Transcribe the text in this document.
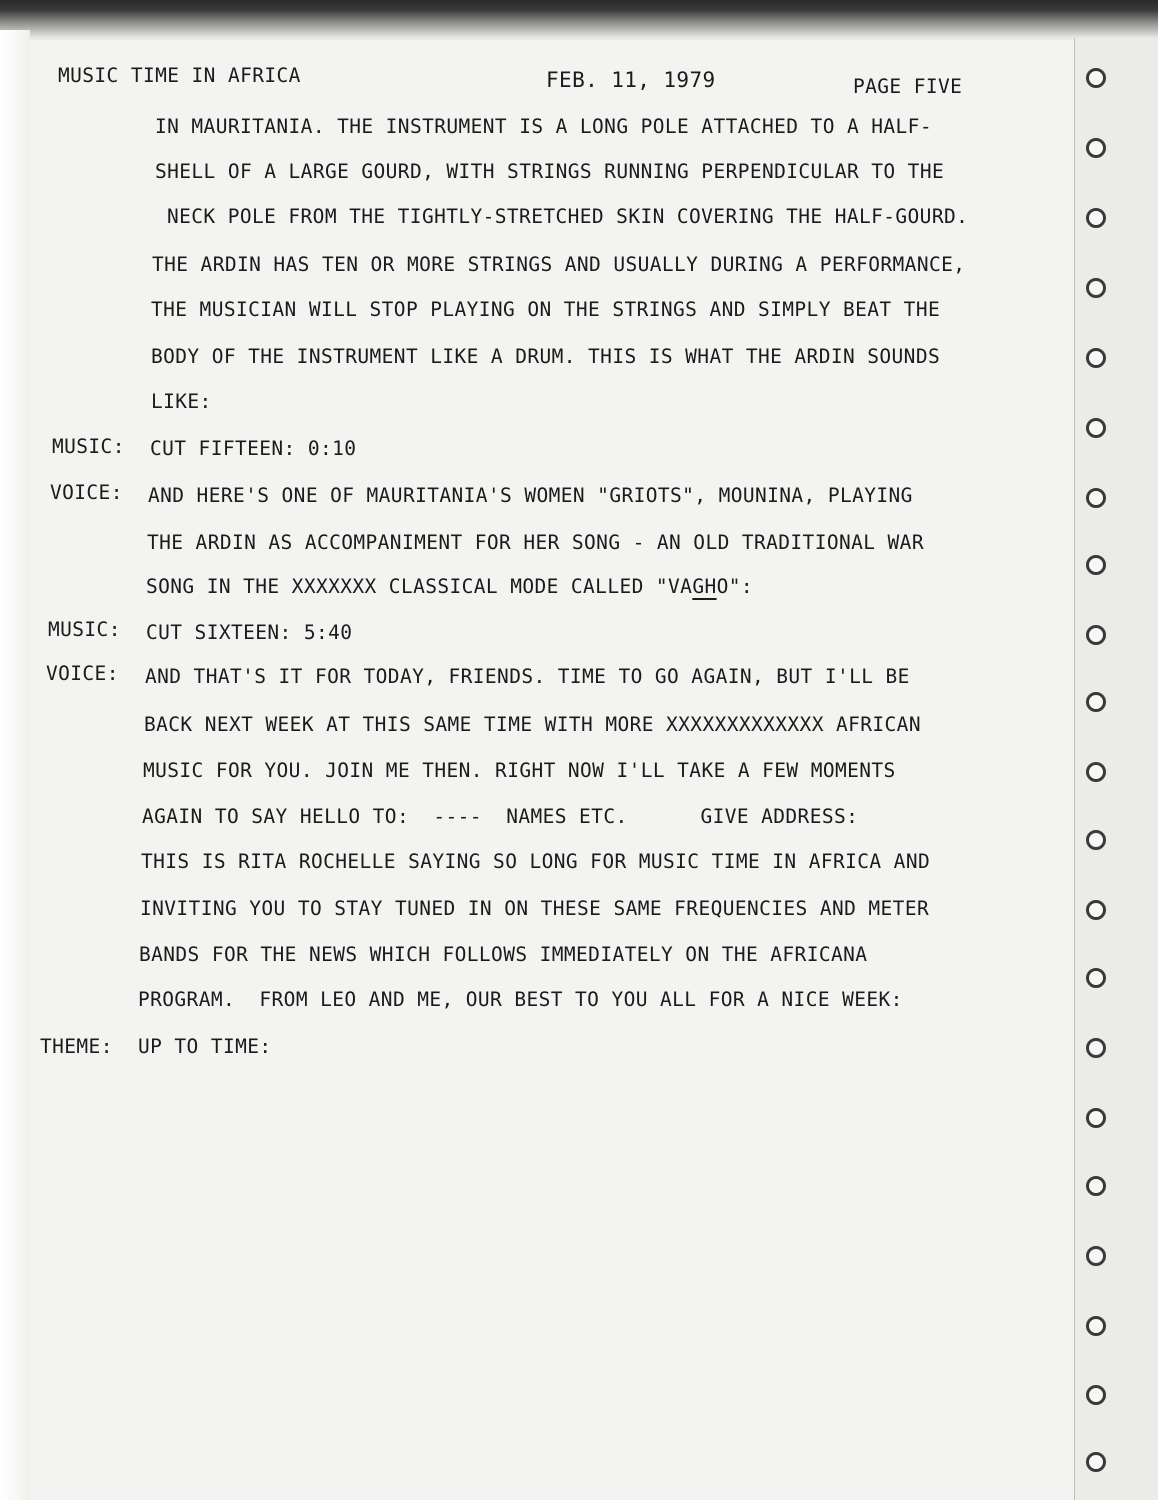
MUSIC TIME IN AFRICA	FEB. 11, 1979	PAGE FIVE
IN MAURITANIA. THE INSTRUMENT IS A LONG POLE ATTACHED TO A HALF-
SHELL OF A LARGE GOURD, WITH STRINGS RUNNING PERPENDICULAR TO THE
NECK POLE FROM THE TIGHTLY-STRETCHED SKIN COVERING THE HALF-GOURD.
THE ARDIN HAS TEN OR MORE STRINGS AND USUALLY DURING A PERFORMANCE,
THE MUSICIAN WILL STOP PLAYING ON THE STRINGS AND SIMPLY BEAT THE
BODY OF THE INSTRUMENT LIKE A DRUM. THIS IS WHAT THE ARDIN SOUNDS
LIKE:
MUSIC: CUT FIFTEEN: 0:10
VOICE: AND HERE'S ONE OF MAURITANIA'S WOMEN "GRIOTS", MOUNINA, PLAYING
THE ARDIN AS ACCOMPANIMENT FOR HER SONG - AN OLD TRADITIONAL WAR
SONG IN THE XXXXXXX CLASSICAL MODE CALLED "VAGHO":
MUSIC: CUT SIXTEEN: 5:40
VOICE: AND THAT'S IT FOR TODAY, FRIENDS. TIME TO GO AGAIN, BUT I'LL BE
BACK NEXT WEEK AT THIS SAME TIME WITH MORE XXXXXXXXXXXXX AFRICAN
MUSIC FOR YOU. JOIN ME THEN. RIGHT NOW I'LL TAKE A FEW MOMENTS
AGAIN TO SAY HELLO TO:  ----  NAMES ETC.      GIVE ADDRESS:
THIS IS RITA ROCHELLE SAYING SO LONG FOR MUSIC TIME IN AFRICA AND
INVITING YOU TO STAY TUNED IN ON THESE SAME FREQUENCIES AND METER
BANDS FOR THE NEWS WHICH FOLLOWS IMMEDIATELY ON THE AFRICANA
PROGRAM.  FROM LEO AND ME, OUR BEST TO YOU ALL FOR A NICE WEEK:
THEME: UP TO TIME:
